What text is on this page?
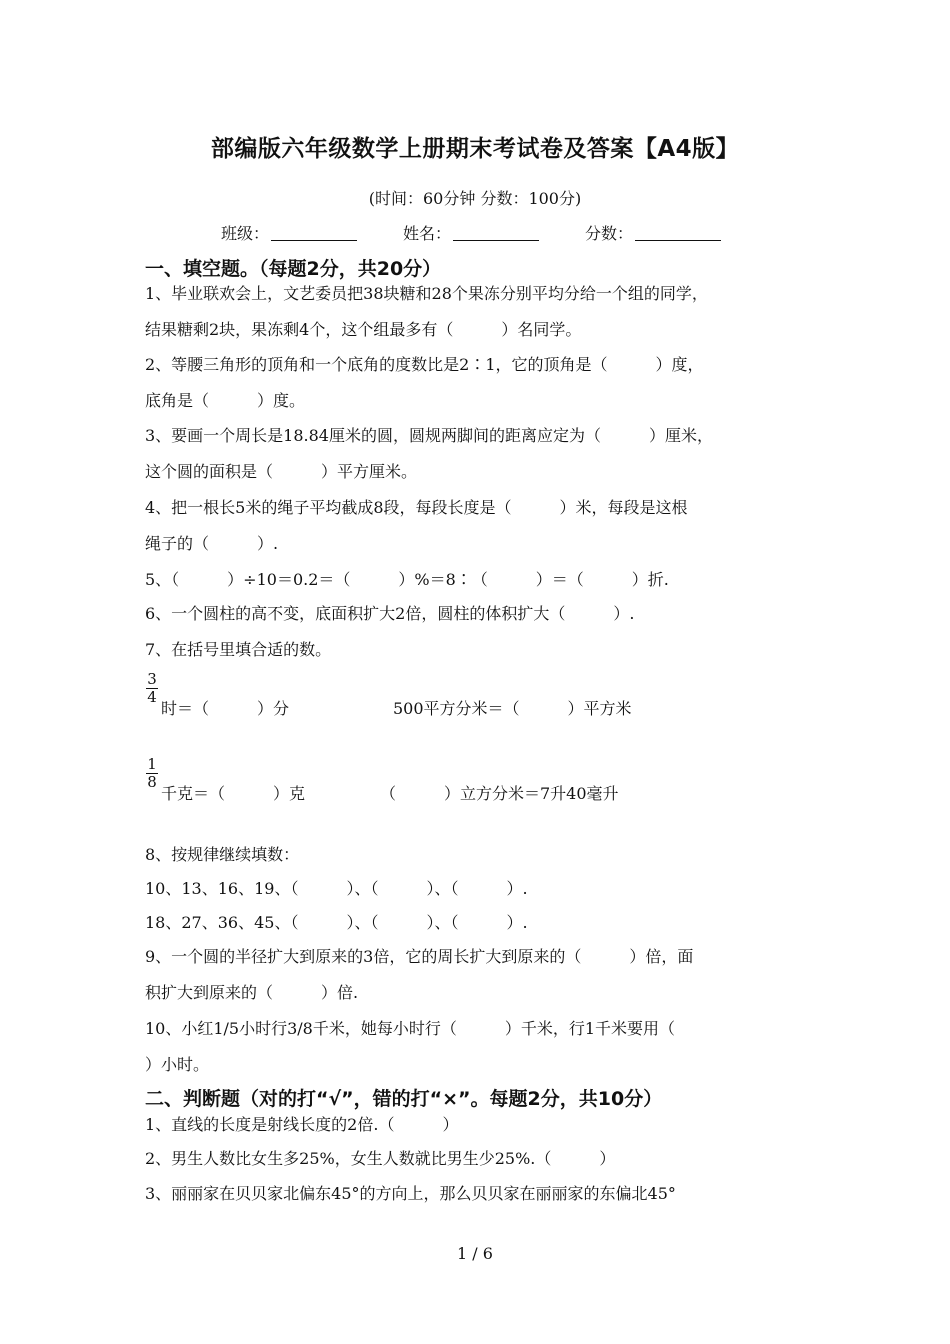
部编版六年级数学上册期末考试卷及答案【A4版】
(时间：60分钟 分数：100分)
班级：	姓名：	分数：
一、填空题。（每题2分，共20分）
1、毕业联欢会上，文艺委员把38块糖和28个果冻分别平均分给一个组的同学，
结果糖剩2块，果冻剩4个，这个组最多有（　　　）名同学。
2、等腰三角形的顶角和一个底角的度数比是2∶1，它的顶角是（　　　）度，
底角是（　　　）度。
3、要画一个周长是18.84厘米的圆，圆规两脚间的距离应定为（　　　）厘米，
这个圆的面积是（　　　）平方厘米。
4、把一根长5米的绳子平均截成8段，每段长度是（　　　）米，每段是这根
绳子的（　　　）.
5、（　　　）÷10＝0.2＝（　　　）%＝8∶（　　　）＝（　　　）折.
6、一个圆柱的高不变，底面积扩大2倍，圆柱的体积扩大（　　　）.
7、在括号里填合适的数。
3
4
时＝（　　　）分	500平方分米＝（　　　）平方米
1
8
千克＝（　　　）克	（　　　）立方分米＝7升40毫升
8、按规律继续填数：
10、13、16、19、（　　　）、（　　　）、（　　　）.
18、27、36、45、（　　　）、（　　　）、（　　　）.
9、一个圆的半径扩大到原来的3倍，它的周长扩大到原来的（　　　）倍，面
积扩大到原来的（　　　）倍.
10、小红1/5小时行3/8千米，她每小时行（　　　）千米，行1千米要用（
）小时。
二、判断题（对的打“√”，错的打“×”。每题2分，共10分）
1、直线的长度是射线长度的2倍.（　　　）
2、男生人数比女生多25%，女生人数就比男生少25%.（　　　）
3、丽丽家在贝贝家北偏东45°的方向上，那么贝贝家在丽丽家的东偏北45°
1 / 6
